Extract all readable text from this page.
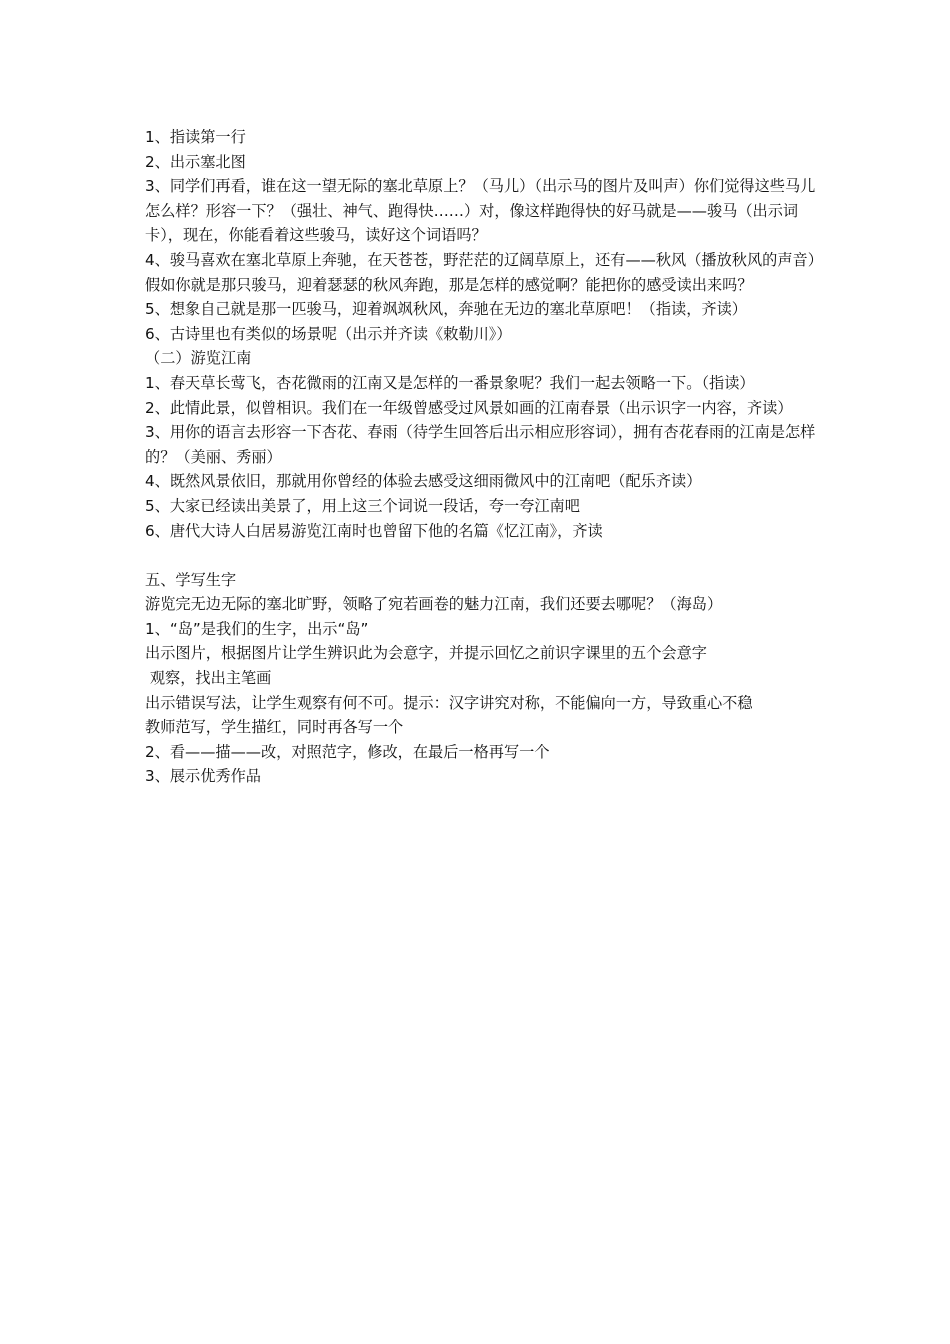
1、指读第一行

2、出示塞北图

3、同学们再看，谁在这一望无际的塞北草原上？（马儿）（出示马的图片及叫声）你们觉得这些马儿怎么样？形容一下？（强壮、神气、跑得快……）对，像这样跑得快的好马就是——骏马（出示词卡），现在，你能看着这些骏马，读好这个词语吗？

4、骏马喜欢在塞北草原上奔驰，在天苍苍，野茫茫的辽阔草原上，还有——秋风（播放秋风的声音）假如你就是那只骏马，迎着瑟瑟的秋风奔跑，那是怎样的感觉啊？能把你的感受读出来吗？

5、想象自己就是那一匹骏马，迎着飒飒秋风，奔驰在无边的塞北草原吧！（指读，齐读）

6、古诗里也有类似的场景呢（出示并齐读《敕勒川》）

（二）游览江南

1、春天草长莺飞，杏花微雨的江南又是怎样的一番景象呢？我们一起去领略一下。（指读）

2、此情此景，似曾相识。我们在一年级曾感受过风景如画的江南春景（出示识字一内容，齐读）

3、用你的语言去形容一下杏花、春雨（待学生回答后出示相应形容词），拥有杏花春雨的江南是怎样的？（美丽、秀丽）

4、既然风景依旧，那就用你曾经的体验去感受这细雨微风中的江南吧（配乐齐读）

5、大家已经读出美景了，用上这三个词说一段话，夸一夸江南吧

6、唐代大诗人白居易游览江南时也曾留下他的名篇《忆江南》，齐读

五、学写生字

游览完无边无际的塞北旷野，领略了宛若画卷的魅力江南，我们还要去哪呢？（海岛）

1、“岛”是我们的生字，出示“岛”

出示图片，根据图片让学生辨识此为会意字，并提示回忆之前识字课里的五个会意字

观察，找出主笔画

出示错误写法，让学生观察有何不可。提示：汉字讲究对称，不能偏向一方，导致重心不稳

教师范写，学生描红，同时再各写一个

2、看——描——改，对照范字，修改，在最后一格再写一个

3、展示优秀作品
